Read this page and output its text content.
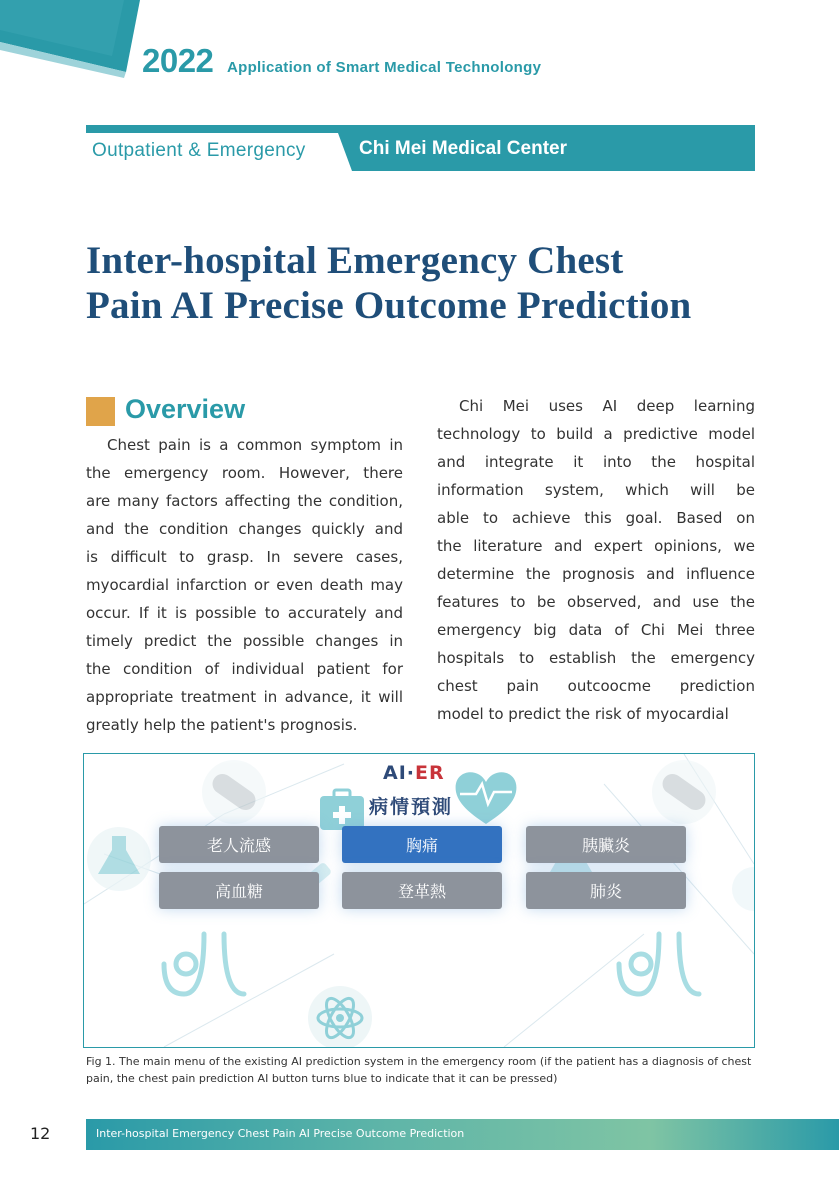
2022 Application of Smart Medical Technolongy
Outpatient & Emergency	Chi Mei Medical Center
Inter-hospital Emergency Chest
Pain AI Precise Outcome Prediction
Overview
Chest pain is a common symptom in
the emergency room. However, there
are many factors affecting the condition,
and the condition changes quickly and
is difficult to grasp. In severe cases,
myocardial infarction or even death may
occur. If it is possible to accurately and
timely predict the possible changes in
the condition of individual patient for
appropriate treatment in advance, it will
greatly help the patient's prognosis.
Chi Mei uses AI deep learning
technology to build a predictive model
and integrate it into the hospital
information system, which will be
able to achieve this goal. Based on
the literature and expert opinions, we
determine the prognosis and influence
features to be observed, and use the
emergency big data of Chi Mei three
hospitals to establish the emergency
chest pain outcoocme prediction
model to predict the risk of myocardial
AI·ER
病情預測
老人流感	胸痛	胰臟炎
高血糖	登革熱	肺炎
Fig 1. The main menu of the existing AI prediction system in the emergency room (if the patient has a diagnosis of chest pain, the chest pain prediction AI button turns blue to indicate that it can be pressed)
12	Inter-hospital Emergency Chest Pain AI Precise Outcome Prediction
